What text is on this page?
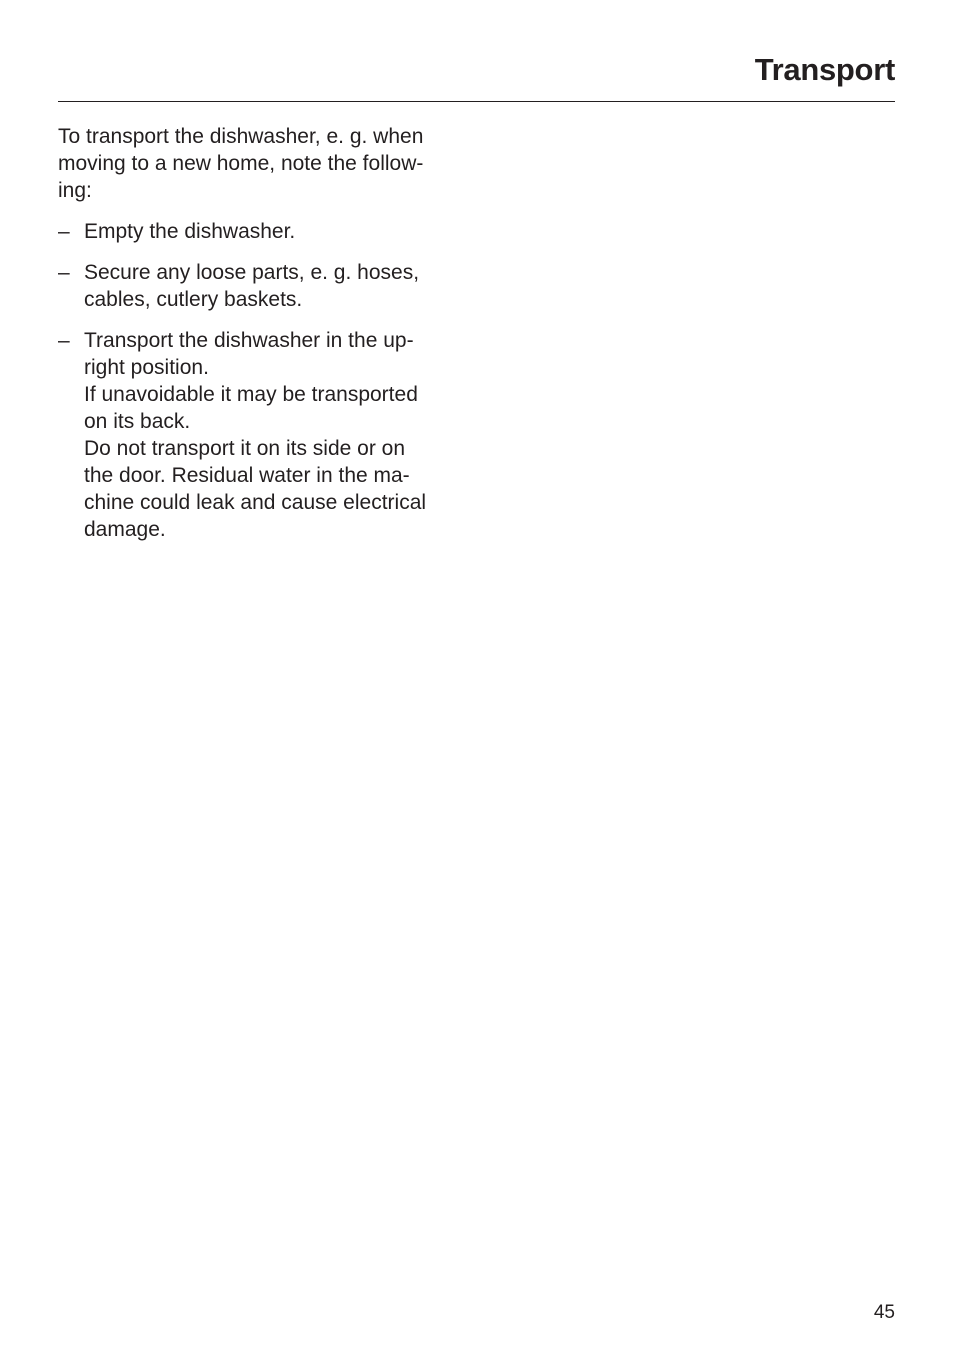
Transport

To transport the dishwasher, e. g. when
moving to a new home, note the follow-
ing:

– Empty the dishwasher.
– Secure any loose parts, e. g. hoses,
cables, cutlery baskets.
– Transport the dishwasher in the up-
right position.
If unavoidable it may be transported
on its back.
Do not transport it on its side or on
the door. Residual water in the ma-
chine could leak and cause electrical
damage.
45
